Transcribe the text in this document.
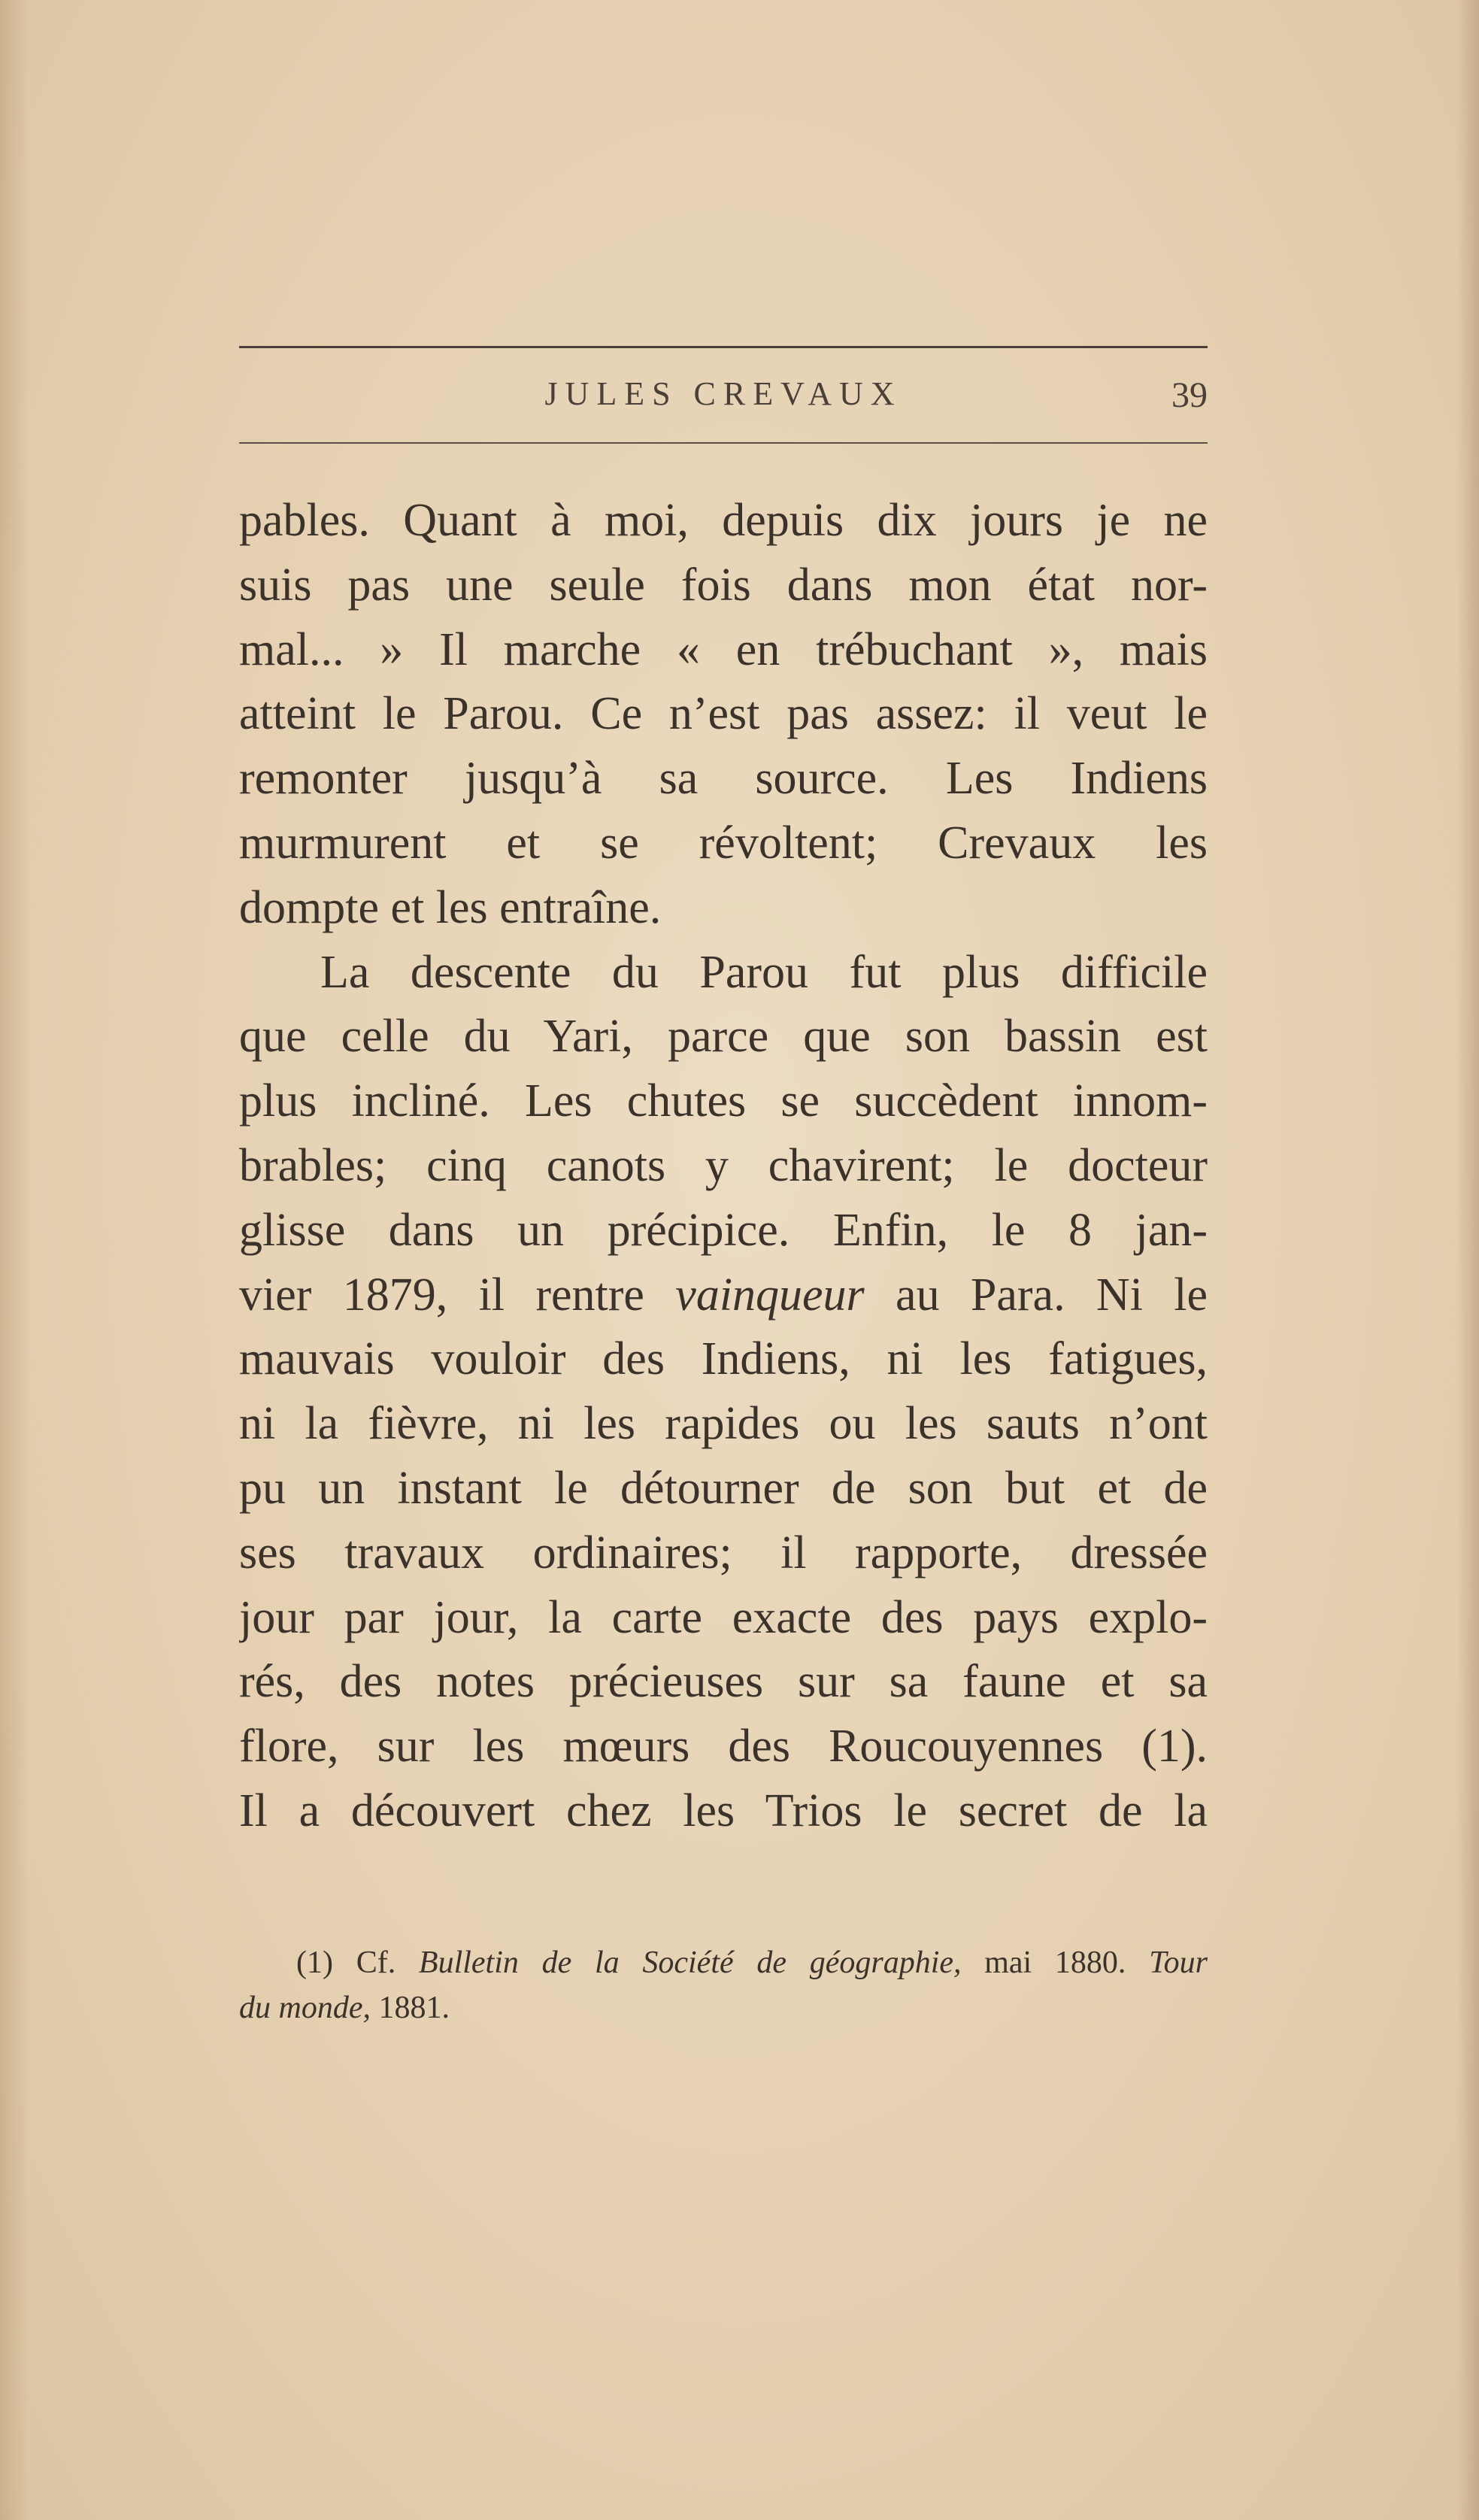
JULES CREVAUX	39
pables. Quant à moi, depuis dix jours je ne
suis pas une seule fois dans mon état nor-
mal... » Il marche « en trébuchant », mais
atteint le Parou. Ce n’est pas assez: il veut le
remonter jusqu’à sa source. Les Indiens
murmurent et se révoltent; Crevaux les
dompte et les entraîne.
La descente du Parou fut plus difficile
que celle du Yari, parce que son bassin est
plus incliné. Les chutes se succèdent innom-
brables; cinq canots y chavirent; le docteur
glisse dans un précipice. Enfin, le 8 jan-
vier 1879, il rentre vainqueur au Para. Ni le
mauvais vouloir des Indiens, ni les fatigues,
ni la fièvre, ni les rapides ou les sauts n’ont
pu un instant le détourner de son but et de
ses travaux ordinaires; il rapporte, dressée
jour par jour, la carte exacte des pays explo-
rés, des notes précieuses sur sa faune et sa
flore, sur les mœurs des Roucouyennes (1).
Il a découvert chez les Trios le secret de la
(1) Cf. Bulletin de la Société de géographie, mai 1880. Tour
du monde, 1881.
